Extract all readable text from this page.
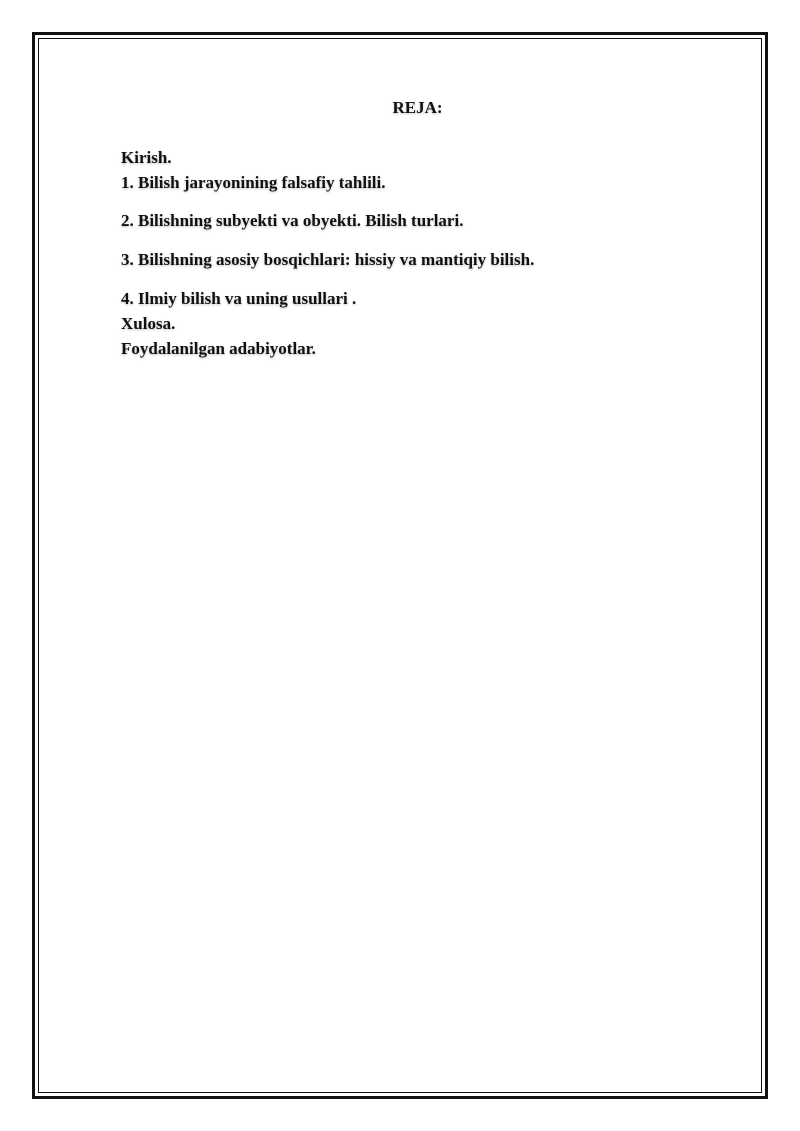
REJA:
Kirish.
1. Bilish jarayonining falsafiy tahlili.
2. Bilishning subyekti va obyekti. Bilish turlari.
3. Bilishning asosiy bosqichlari: hissiy va mantiqiy bilish.
4. Ilmiy bilish va uning usullari .
Xulosa.
Foydalanilgan adabiyotlar.
